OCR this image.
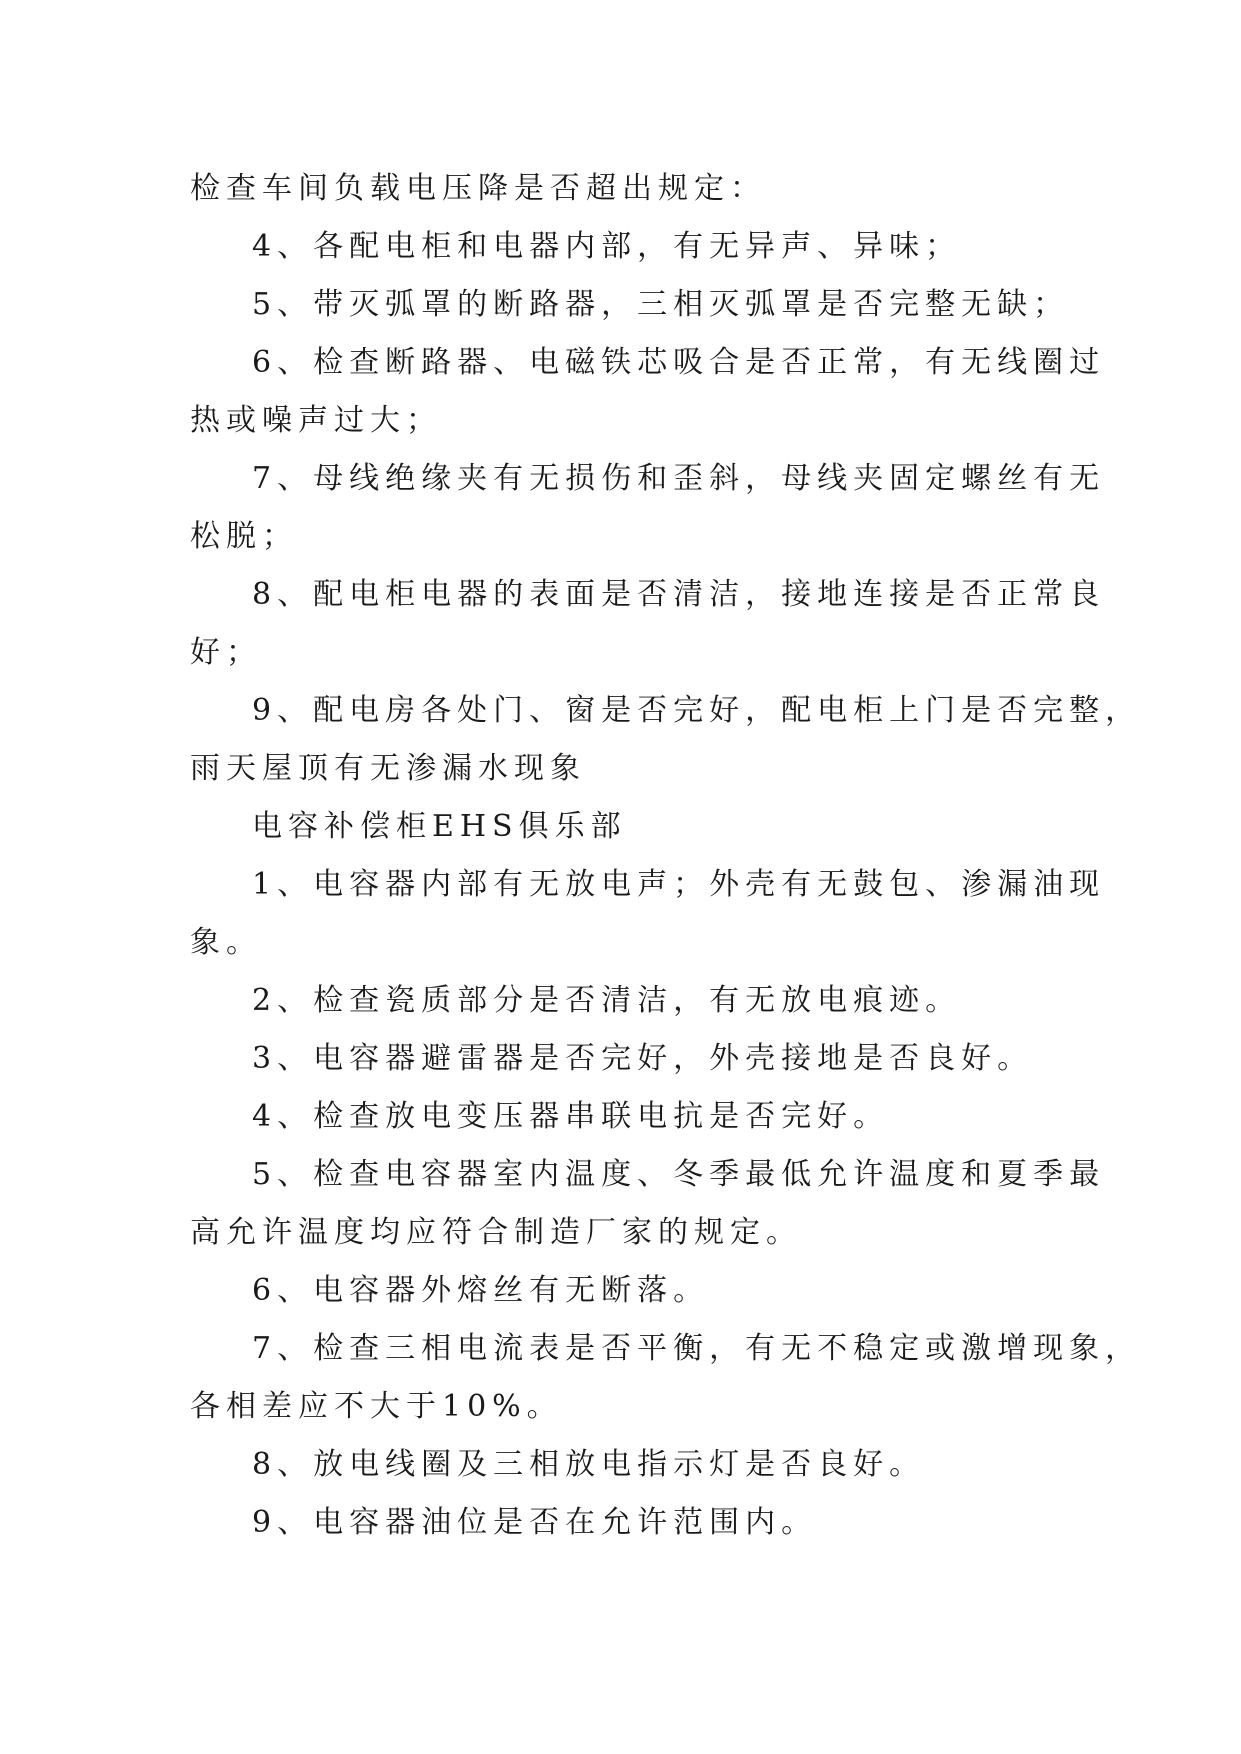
检查车间负载电压降是否超出规定：
4、各配电柜和电器内部，有无异声、异味；
5、带灭弧罩的断路器，三相灭弧罩是否完整无缺；
6、检查断路器、电磁铁芯吸合是否正常，有无线圈过
热或噪声过大；
7、母线绝缘夹有无损伤和歪斜，母线夹固定螺丝有无
松脱；
8、配电柜电器的表面是否清洁，接地连接是否正常良
好；
9、配电房各处门、窗是否完好，配电柜上门是否完整，
雨天屋顶有无渗漏水现象
电容补偿柜EHS俱乐部
1、电容器内部有无放电声；外壳有无鼓包、渗漏油现
象。
2、检查瓷质部分是否清洁，有无放电痕迹。
3、电容器避雷器是否完好，外壳接地是否良好。
4、检查放电变压器串联电抗是否完好。
5、检查电容器室内温度、冬季最低允许温度和夏季最
高允许温度均应符合制造厂家的规定。
6、电容器外熔丝有无断落。
7、检查三相电流表是否平衡，有无不稳定或激增现象，
各相差应不大于10%。
8、放电线圈及三相放电指示灯是否良好。
9、电容器油位是否在允许范围内。
